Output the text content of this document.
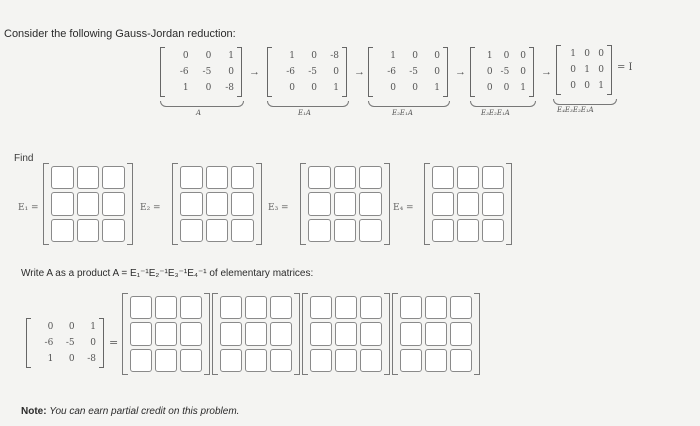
Consider the following Gauss-Jordan reduction:
0 0 1
-6 -5 0
1 0 -8
A
→
1 0 -8
-6 -5 0
0 0 1
E₁A
→
1 0 0
-6 -5 0
0 0 1
E₂E₁A
→
1 0 0
0 -5 0
0 0 1
E₃E₂E₁A
→
1 0 0
0 1 0
0 0 1
= I
E₄E₃E₂E₁A
Find
E₁ =	E₂ =	E₃ =	E₄ =
Write A as a product A = E₁⁻¹E₂⁻¹E₃⁻¹E₄⁻¹ of elementary matrices:
0 0 1
-6 -5 0
1 0 -8
=
Note: You can earn partial credit on this problem.
